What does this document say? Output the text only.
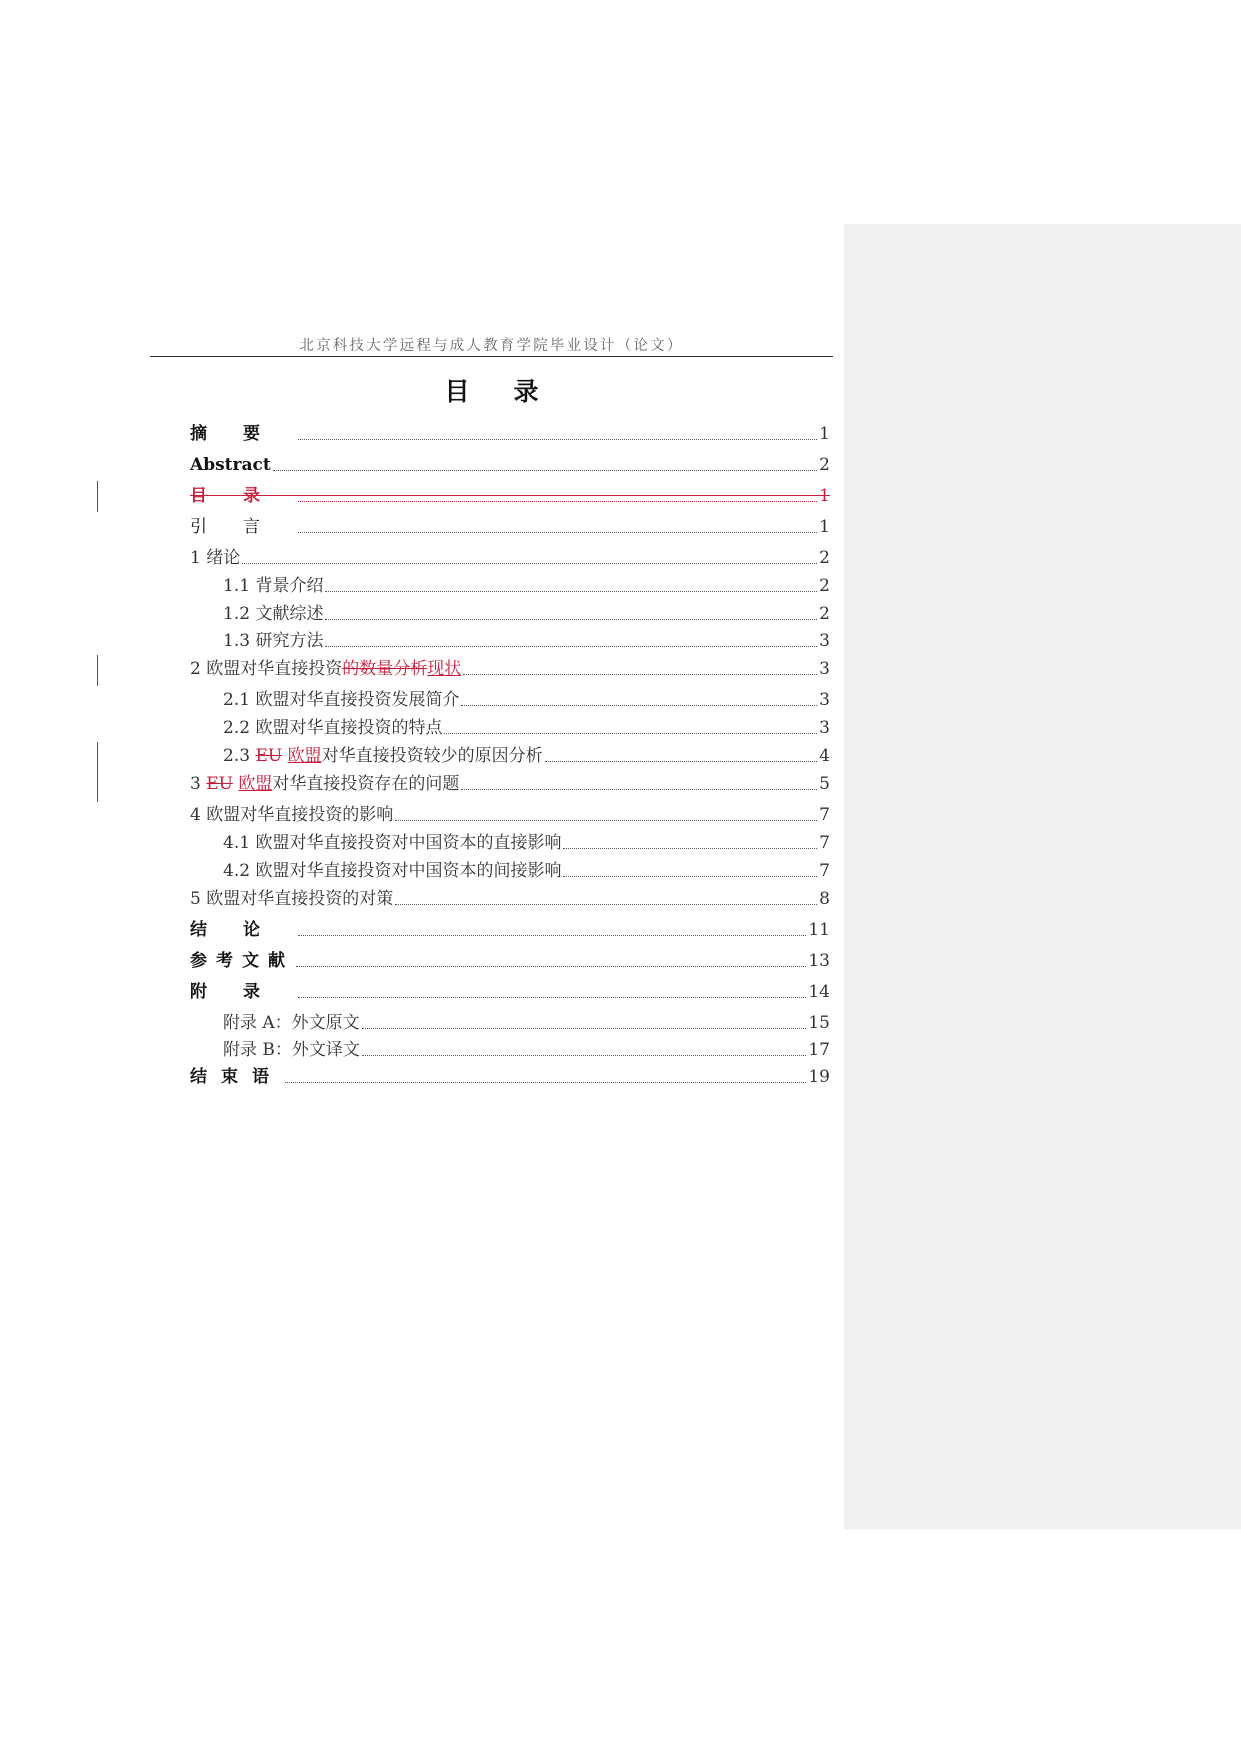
北京科技大学远程与成人教育学院毕业设计（论文）
目录
摘要	1
Abstract	2
目录	1
引言	1
1 绪论	2
1.1 背景介绍	2
1.2 文献综述	2
1.3 研究方法	3
2 欧盟对华直接投资的数量分析现状	3
2.1 欧盟对华直接投资发展简介	3
2.2 欧盟对华直接投资的特点	3
2.3 EU 欧盟对华直接投资较少的原因分析	4
3 EU 欧盟对华直接投资存在的问题	5
4 欧盟对华直接投资的影响	7
4.1 欧盟对华直接投资对中国资本的直接影响	7
4.2 欧盟对华直接投资对中国资本的间接影响	7
5 欧盟对华直接投资的对策	8
结论	11
参考文献	13
附录	14
附录 A：外文原文	15
附录 B：外文译文	17
结束语	19
